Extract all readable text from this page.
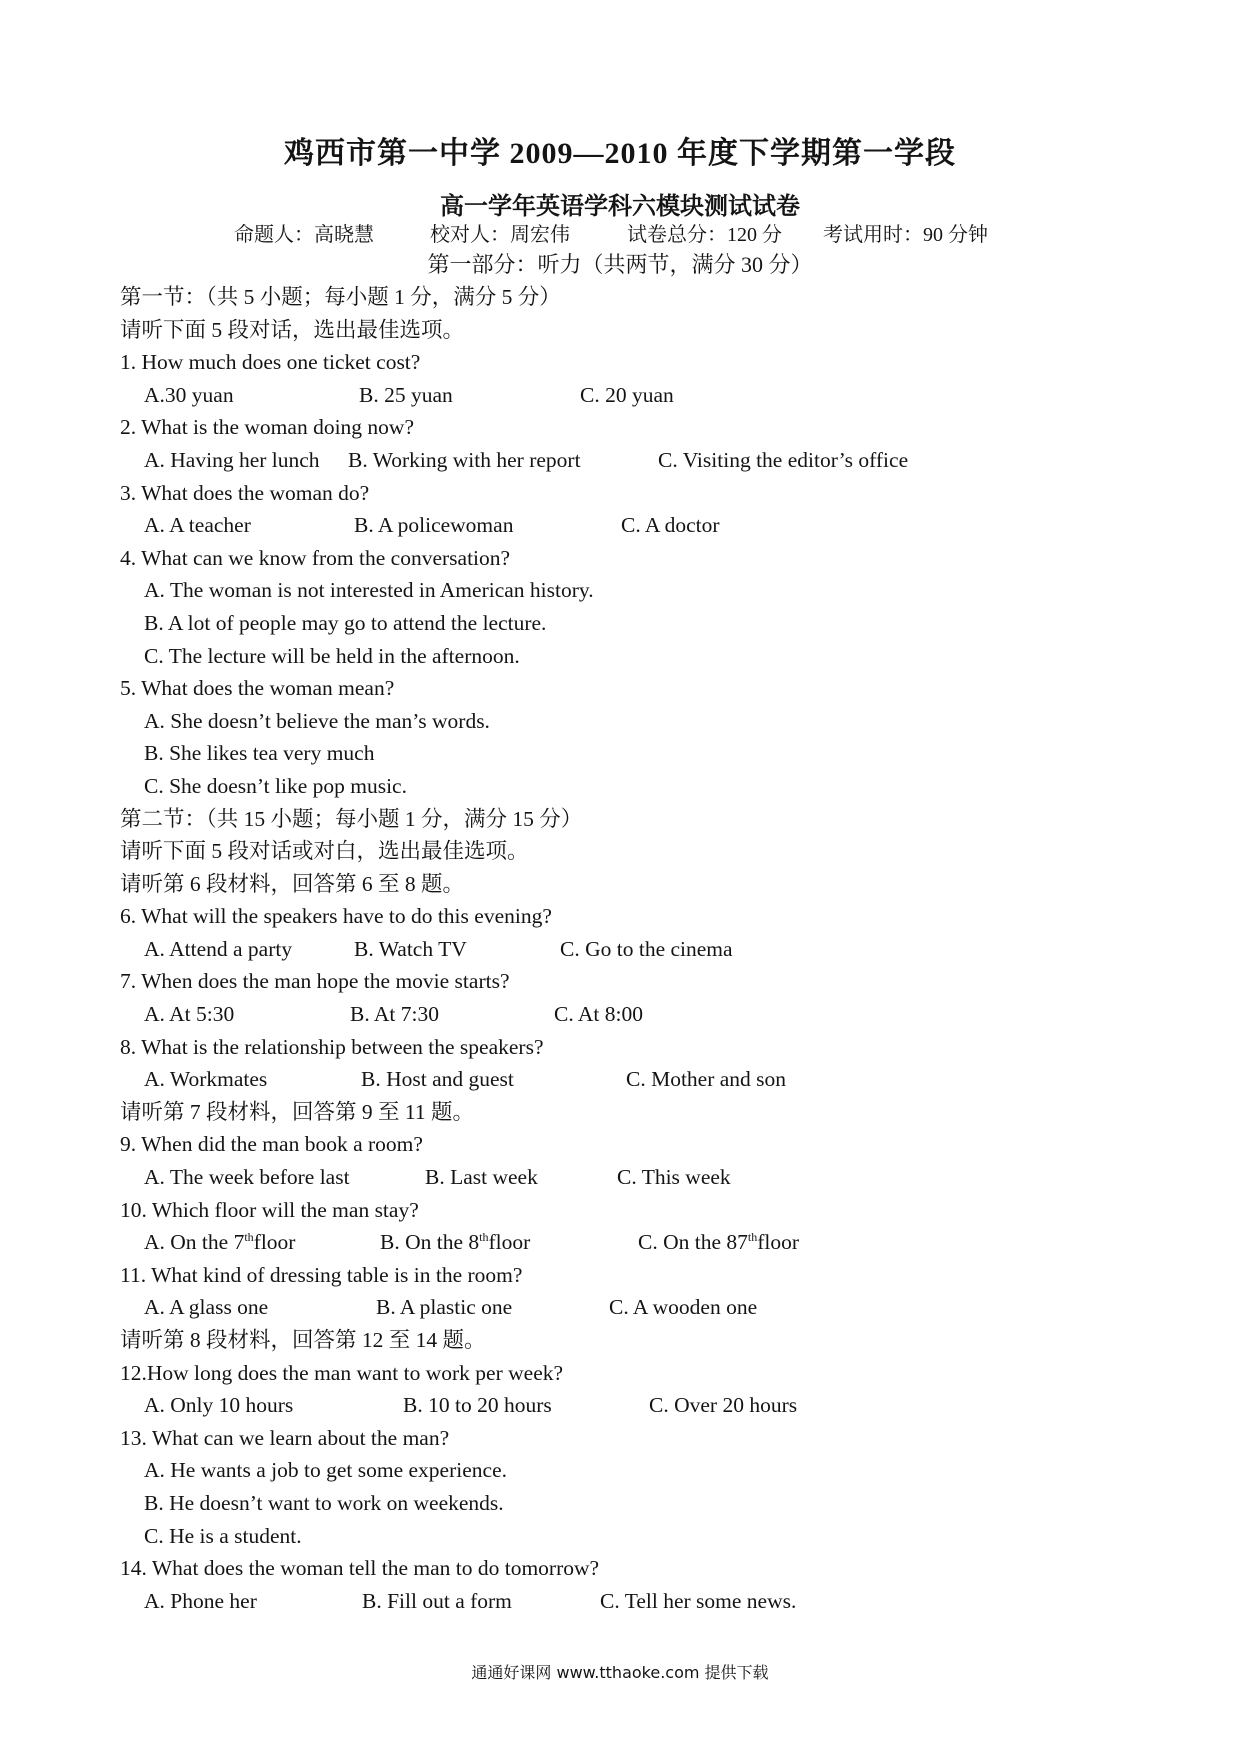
鸡西市第一中学 2009—2010 年度下学期第一学段
高一学年英语学科六模块测试试卷
命题人：高晓慧	校对人：周宏伟	试卷总分：120 分 考试用时：90 分钟
第一部分：听力（共两节，满分 30 分）
第一节：（共 5 小题；每小题 1 分，满分 5 分）
请听下面 5 段对话，选出最佳选项。
1. How much does one ticket cost?
A.30 yuan	B. 25 yuan	C. 20 yuan
2. What is the woman doing now?
A. Having her lunch B. Working with her report	C. Visiting the editor’s office
3. What does the woman do?
A. A teacher	B. A policewoman	C. A doctor
4. What can we know from the conversation?
A. The woman is not interested in American history.
B. A lot of people may go to attend the lecture.
C. The lecture will be held in the afternoon.
5. What does the woman mean?
A. She doesn’t believe the man’s words.
B. She likes tea very much
C. She doesn’t like pop music.
第二节：（共 15 小题；每小题 1 分，满分 15 分）
请听下面 5 段对话或对白，选出最佳选项。
请听第 6 段材料，回答第 6 至 8 题。
6. What will the speakers have to do this evening?
A. Attend a party	B. Watch TV	C. Go to the cinema
7. When does the man hope the movie starts?
A. At 5:30	B. At 7:30	C. At 8:00
8. What is the relationship between the speakers?
A. Workmates	B. Host and guest	C. Mother and son
请听第 7 段材料，回答第 9 至 11 题。
9. When did the man book a room?
A. The week before last	B. Last week	C. This week
10. Which floor will the man stay?
A. On the 7thfloor	B. On the 8thfloor	C. On the 87thfloor
11. What kind of dressing table is in the room?
A. A glass one	B. A plastic one	C. A wooden one
请听第 8 段材料，回答第 12 至 14 题。
12.How long does the man want to work per week?
A. Only 10 hours	B. 10 to 20 hours	C. Over 20 hours
13. What can we learn about the man?
A. He wants a job to get some experience.
B. He doesn’t want to work on weekends.
C. He is a student.
14. What does the woman tell the man to do tomorrow?
A. Phone her	B. Fill out a form	C. Tell her some news.
通通好课网 www.tthaoke.com 提供下载
